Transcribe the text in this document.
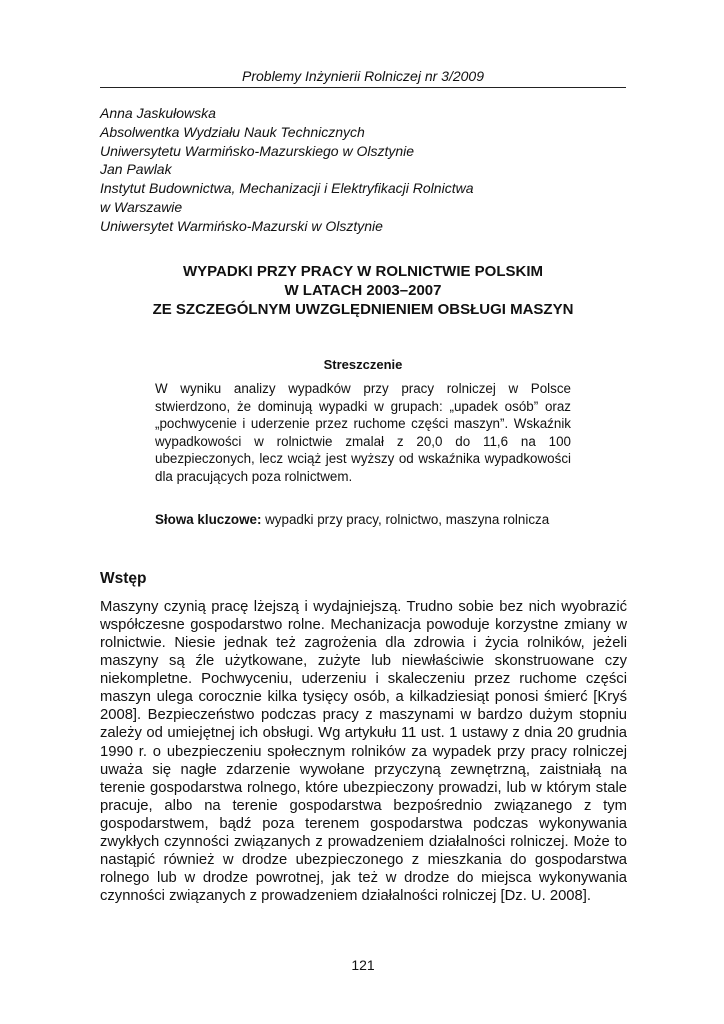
Problemy Inżynierii Rolniczej nr 3/2009
Anna Jaskułowska
Absolwentka Wydziału Nauk Technicznych
Uniwersytetu Warmińsko-Mazurskiego w Olsztynie
Jan Pawlak
Instytut Budownictwa, Mechanizacji i Elektryfikacji Rolnictwa
w Warszawie
Uniwersytet Warmińsko-Mazurski w Olsztynie
WYPADKI PRZY PRACY W ROLNICTWIE POLSKIM
W LATACH 2003–2007
ZE SZCZEGÓLNYM UWZGLĘDNIENIEM OBSŁUGI MASZYN
Streszczenie
W wyniku analizy wypadków przy pracy rolniczej w Polsce stwierdzono, że dominują wypadki w grupach: „upadek osób” oraz „pochwycenie i uderzenie przez ruchome części maszyn”. Wskaźnik wypadkowości w rolnictwie zmalał z 20,0 do 11,6 na 100 ubezpieczonych, lecz wciąż jest wyższy od wskaźnika wypadkowości dla pracujących poza rolnictwem.
Słowa kluczowe: wypadki przy pracy, rolnictwo, maszyna rolnicza
Wstęp
Maszyny czynią pracę lżejszą i wydajniejszą. Trudno sobie bez nich wyobrazić współczesne gospodarstwo rolne. Mechanizacja powoduje korzystne zmiany w rolnictwie. Niesie jednak też zagrożenia dla zdrowia i życia rolników, jeżeli maszyny są źle użytkowane, zużyte lub niewłaściwie skonstruowane czy niekompletne. Pochwyceniu, uderzeniu i skaleczeniu przez ruchome części maszyn ulega corocznie kilka tysięcy osób, a kilkadziesiąt ponosi śmierć [Kryś 2008]. Bezpieczeństwo podczas pracy z maszynami w bardzo dużym stopniu zależy od umiejętnej ich obsługi. Wg artykułu 11 ust. 1 ustawy z dnia 20 grudnia 1990 r. o ubezpieczeniu społecznym rolników za wypadek przy pracy rolniczej uważa się nagłe zdarzenie wywołane przyczyną zewnętrzną, zaistniałą na terenie gospodarstwa rolnego, które ubezpieczony prowadzi, lub w którym stale pracuje, albo na terenie gospodarstwa bezpośrednio związanego z tym gospodarstwem, bądź poza terenem gospodarstwa podczas wykonywania zwykłych czynności związanych z prowadzeniem działalności rolniczej. Może to nastąpić również w drodze ubezpieczonego z mieszkania do gospodarstwa rolnego lub w drodze powrotnej, jak też w drodze do miejsca wykonywania czynności związanych z prowadzeniem działalności rolniczej [Dz. U. 2008].
121
